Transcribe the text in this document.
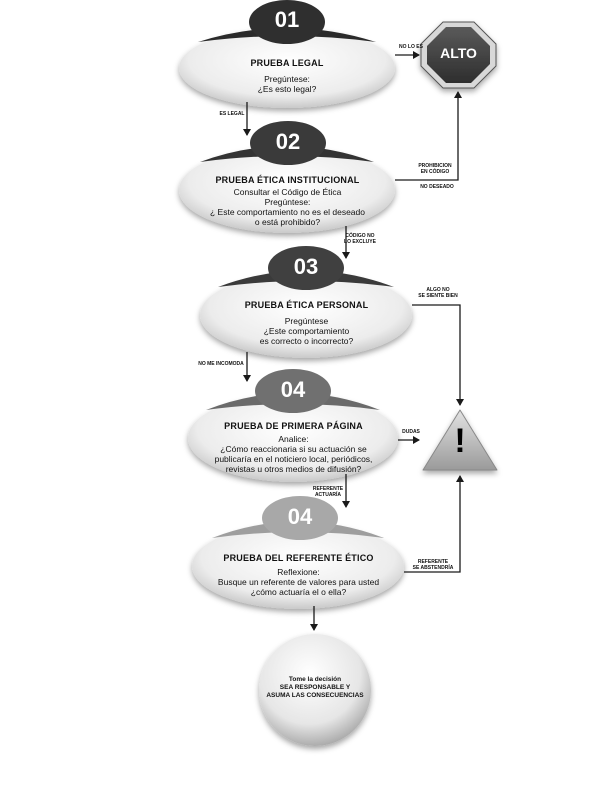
01
PRUEBA LEGAL
Pregúntese:
¿Es esto legal?
02
PRUEBA ÉTICA INSTITUCIONAL
Consultar el Código de Ética
Pregúntese:
¿ Este comportamiento no es el deseado
o está prohibido?
03
PRUEBA ÉTICA PERSONAL
Pregúntese
¿Este comportamiento
es correcto o incorrecto?
04
PRUEBA DE PRIMERA PÁGINA
Analice:
¿Cómo reaccionaria si su actuación se
publicaría en el noticiero local, periódicos,
revistas u otros medios de difusión?
04
PRUEBA DEL REFERENTE ÉTICO
Reflexione:
Busque un referente de valores para usted
¿cómo actuaría el o ella?
ALTO
!
NO LO ES
ES LEGAL
PROHIBICION
EN CÓDIGO
NO DESEADO
CÓDIGO NO
LO EXCLUYE
ALGO NO
SE SIENTE BIEN
NO ME INCOMODA
DUDAS
REFERENTE
ACTUARÍA
REFERENTE
SE ABSTENDRÍA
Tome la decisión
SEA RESPONSABLE Y
ASUMA LAS CONSECUENCIAS
